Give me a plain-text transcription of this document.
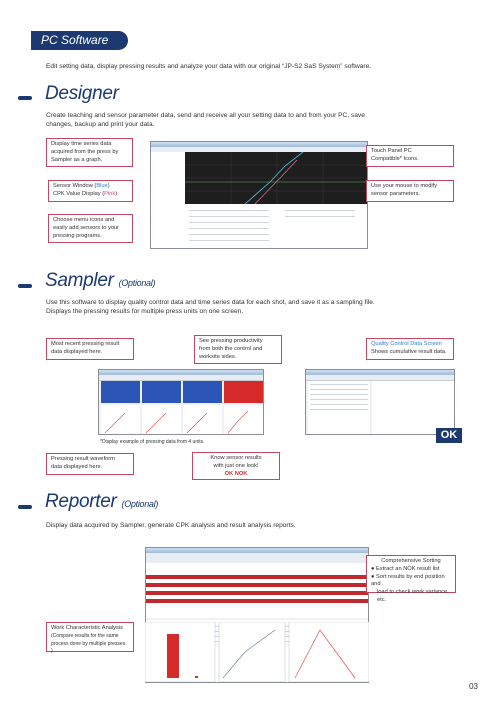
PC Software
Edit setting data, display pressing results and analyze your data with our original “JP-S2 SaS System” software.
Designer
Create teaching and sensor parameter data, send and receive all your setting data to and from your PC, save
changes, backup and print your data.
Display time series data
acquired from the press by
Sampler as a graph.
Sensor Window (Blue)
CPK Value Display (Pink)
Choose menu icons and
easily add sensors to your
pressing programs.
Touch Panel PC
Compatible* Icons.
Use your mouse to modify
sensor parameters.
Sampler (Optional)
Use this software to display quality control data and time series data for each shot, and save it as a sampling file.
Displays the pressing results for multiple press units on one screen.
Most recent pressing result
data displayed here.
See pressing productivity
from both the control and
worksite sides.
Quality Control Data Screen
Shows cumulative result data.
OK
*Display example of pressing data from 4 units.
Pressing result waveform
data displayed here.
Know sensor results
with just one look!
OK NOK
Reporter (Optional)
Display data acquired by Sampler, generate CPK analysis and result analysis reports.
Comprehensive Sorting
● Extract an NOK result list
● Sort results by end position and
load to check work variance, etc.
Work Characteristic Analysis
(Compare results for the same
process done by multiple presses. )
03
